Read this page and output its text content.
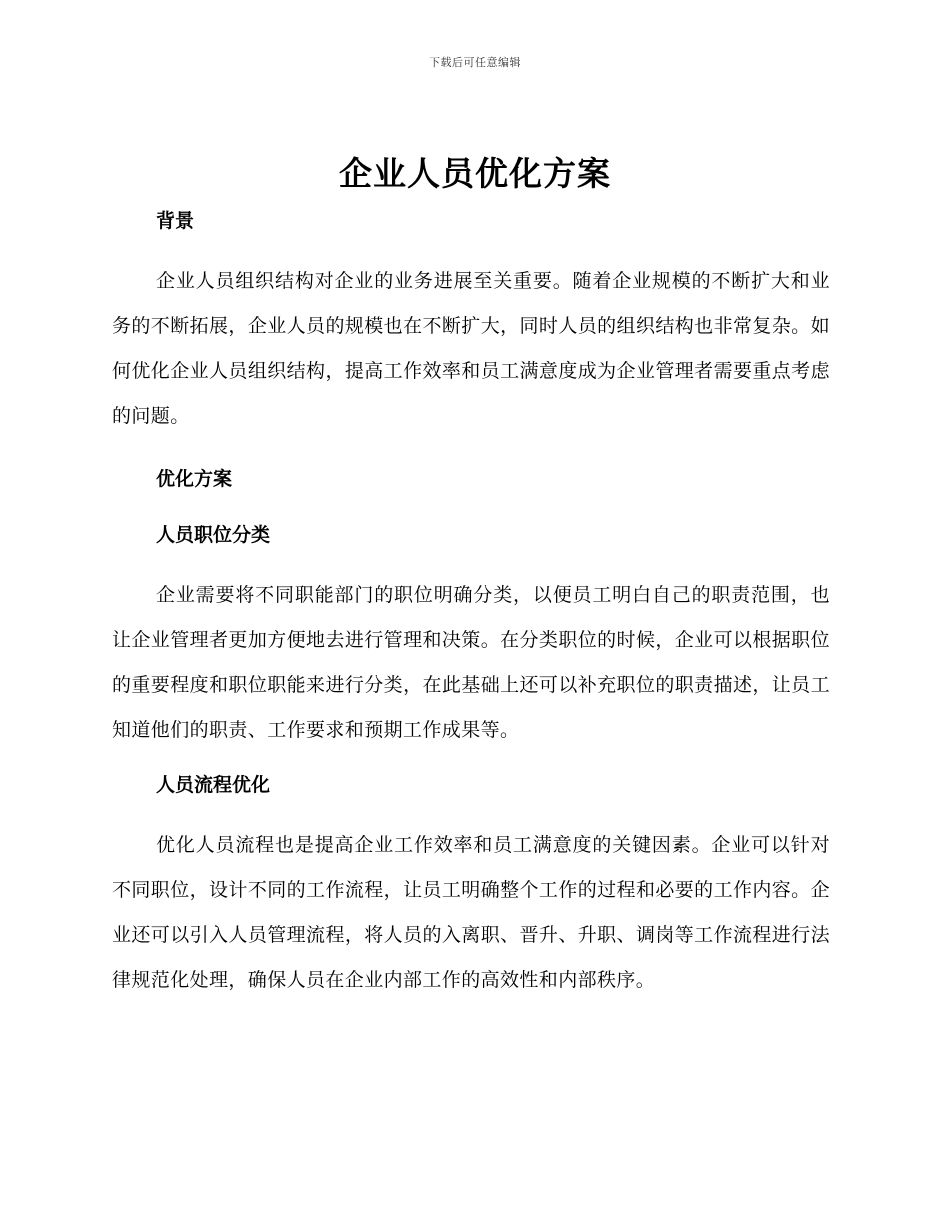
下载后可任意编辑
企业人员优化方案
背景

企业人员组织结构对企业的业务进展至关重要。随着企业规模的不断扩大和业务的不断拓展，企业人员的规模也在不断扩大，同时人员的组织结构也非常复杂。如何优化企业人员组织结构，提高工作效率和员工满意度成为企业管理者需要重点考虑的问题。

优化方案
人员职位分类

企业需要将不同职能部门的职位明确分类，以便员工明白自己的职责范围，也让企业管理者更加方便地去进行管理和决策。在分类职位的时候，企业可以根据职位的重要程度和职位职能来进行分类，在此基础上还可以补充职位的职责描述，让员工知道他们的职责、工作要求和预期工作成果等。

人员流程优化

优化人员流程也是提高企业工作效率和员工满意度的关键因素。企业可以针对不同职位，设计不同的工作流程，让员工明确整个工作的过程和必要的工作内容。企业还可以引入人员管理流程，将人员的入离职、晋升、升职、调岗等工作流程进行法律规范化处理，确保人员在企业内部工作的高效性和内部秩序。
